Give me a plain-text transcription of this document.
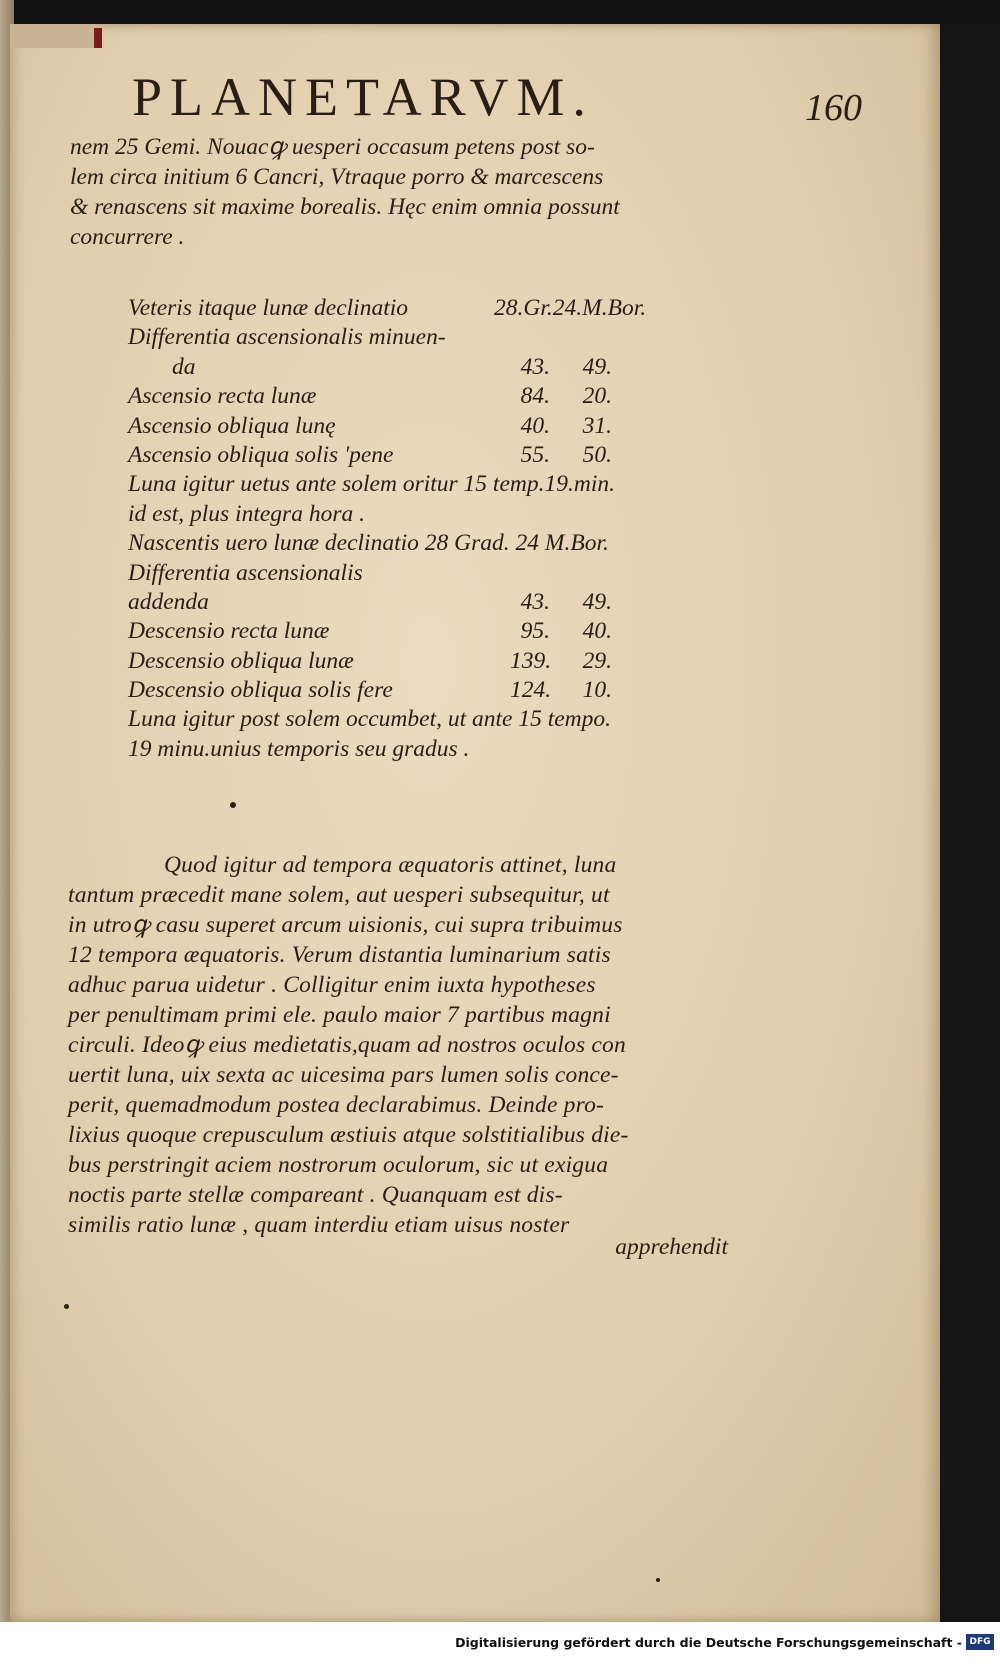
PLANETARVM.	160
nem 25 Gemi. Nouacꝙ uesperi occasum petens post so-
lem circa initium 6 Cancri, Vtraque porro & marcescens
& renascens sit maxime borealis. Hęc enim omnia possunt
concurrere .
Veteris itaque lunæ declinatio	28.Gr.24.M.Bor.
Differentia ascensionalis minuen-
da	43.	49.
Ascensio recta lunæ	84.	20.
Ascensio obliqua lunę	40.	31.
Ascensio obliqua solis 'pene	55.	50.
Luna igitur uetus ante solem oritur 15 temp.19.min.
id est, plus integra hora .
Nascentis uero lunæ declinatio 28 Grad. 24 M.Bor.
Differentia ascensionalis
addenda	43.	49.
Descensio recta lunæ	95.	40.
Descensio obliqua lunæ	139.	29.
Descensio obliqua solis fere	124.	10.
Luna igitur post solem occumbet, ut ante 15 tempo.
19 minu.unius temporis seu gradus .
Quod igitur ad tempora æquatoris attinet, luna
tantum præcedit mane solem, aut uesperi subsequitur, ut
in utroꝙ casu superet arcum uisionis, cui supra tribuimus
12 tempora æquatoris. Verum distantia luminarium satis
adhuc parua uidetur . Colligitur enim iuxta hypotheses
per penultimam primi ele. paulo maior 7 partibus magni
circuli. Ideoꝙ eius medietatis,quam ad nostros oculos con
uertit luna, uix sexta ac uicesima pars lumen solis conce-
perit, quemadmodum postea declarabimus. Deinde pro-
lixius quoque crepusculum æstiuis atque solstitialibus die-
bus perstringit aciem nostrorum oculorum, sic ut exigua
noctis parte stellæ compareant . Quanquam est dis-
similis ratio lunæ , quam interdiu etiam uisus noster
apprehendit
Digitalisierung gefördert durch die Deutsche Forschungsgemeinschaft - DFG
